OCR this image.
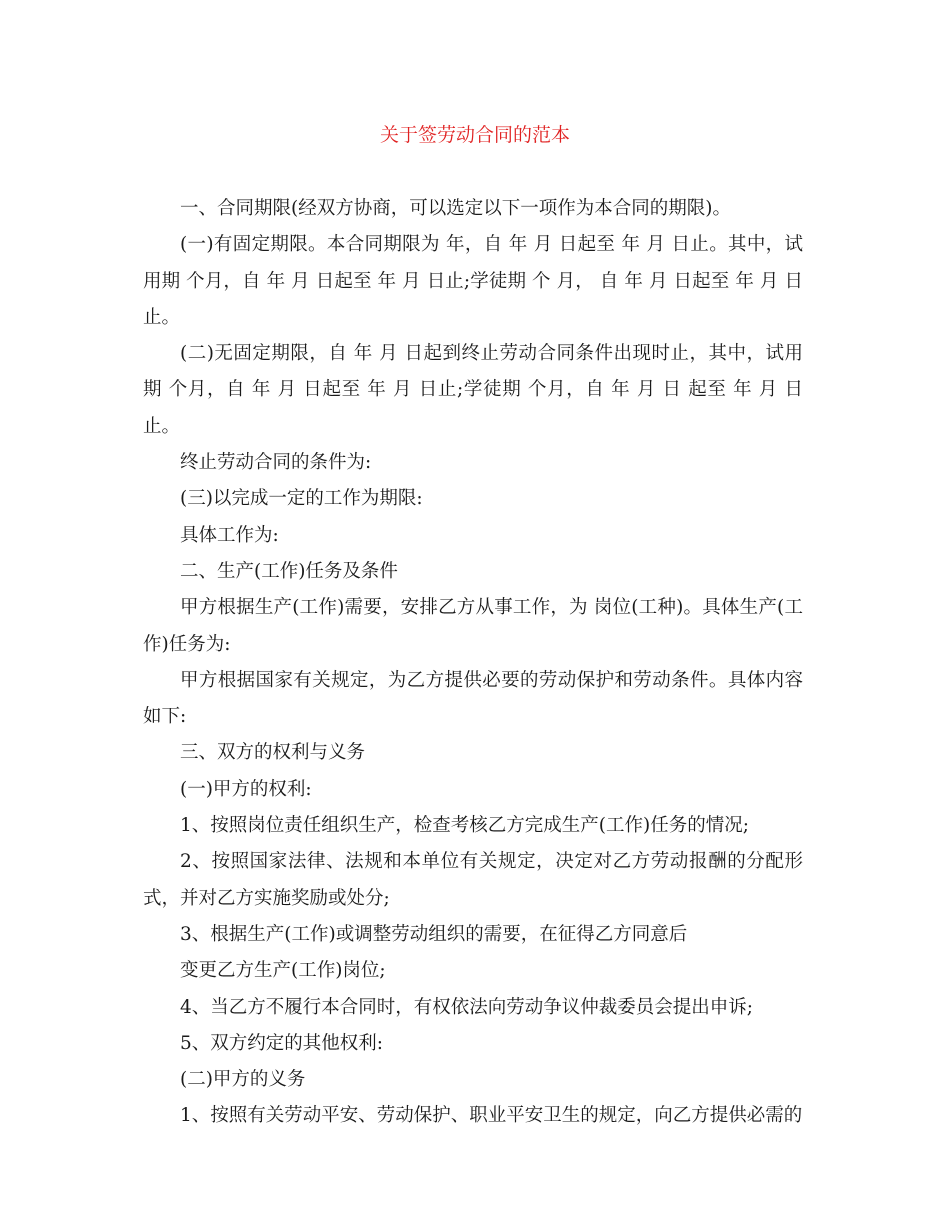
关于签劳动合同的范本

一、合同期限(经双方协商，可以选定以下一项作为本合同的期限)。

(一)有固定期限。本合同期限为 年，自 年 月 日起至 年 月 日止。其中，试用期 个月，自 年 月 日起至 年 月 日止;学徒期 个 月， 自 年 月 日起至 年 月 日止。

(二)无固定期限，自 年 月 日起到终止劳动合同条件出现时止，其中，试用期 个月，自 年 月 日起至 年 月 日止;学徒期 个月，自 年 月 日 起至 年 月 日止。

终止劳动合同的条件为:

(三)以完成一定的工作为期限:

具体工作为:

二、生产(工作)任务及条件

甲方根据生产(工作)需要，安排乙方从事工作，为 岗位(工种)。具体生产(工作)任务为:

甲方根据国家有关规定，为乙方提供必要的劳动保护和劳动条件。具体内容如下:

三、双方的权利与义务

(一)甲方的权利:

1、按照岗位责任组织生产，检查考核乙方完成生产(工作)任务的情况;

2、按照国家法律、法规和本单位有关规定，决定对乙方劳动报酬的分配形式，并对乙方实施奖励或处分;

3、根据生产(工作)或调整劳动组织的需要，在征得乙方同意后

变更乙方生产(工作)岗位;

4、当乙方不履行本合同时，有权依法向劳动争议仲裁委员会提出申诉;

5、双方约定的其他权利:

(二)甲方的义务

1、按照有关劳动平安、劳动保护、职业平安卫生的规定，向乙方提供必需的
